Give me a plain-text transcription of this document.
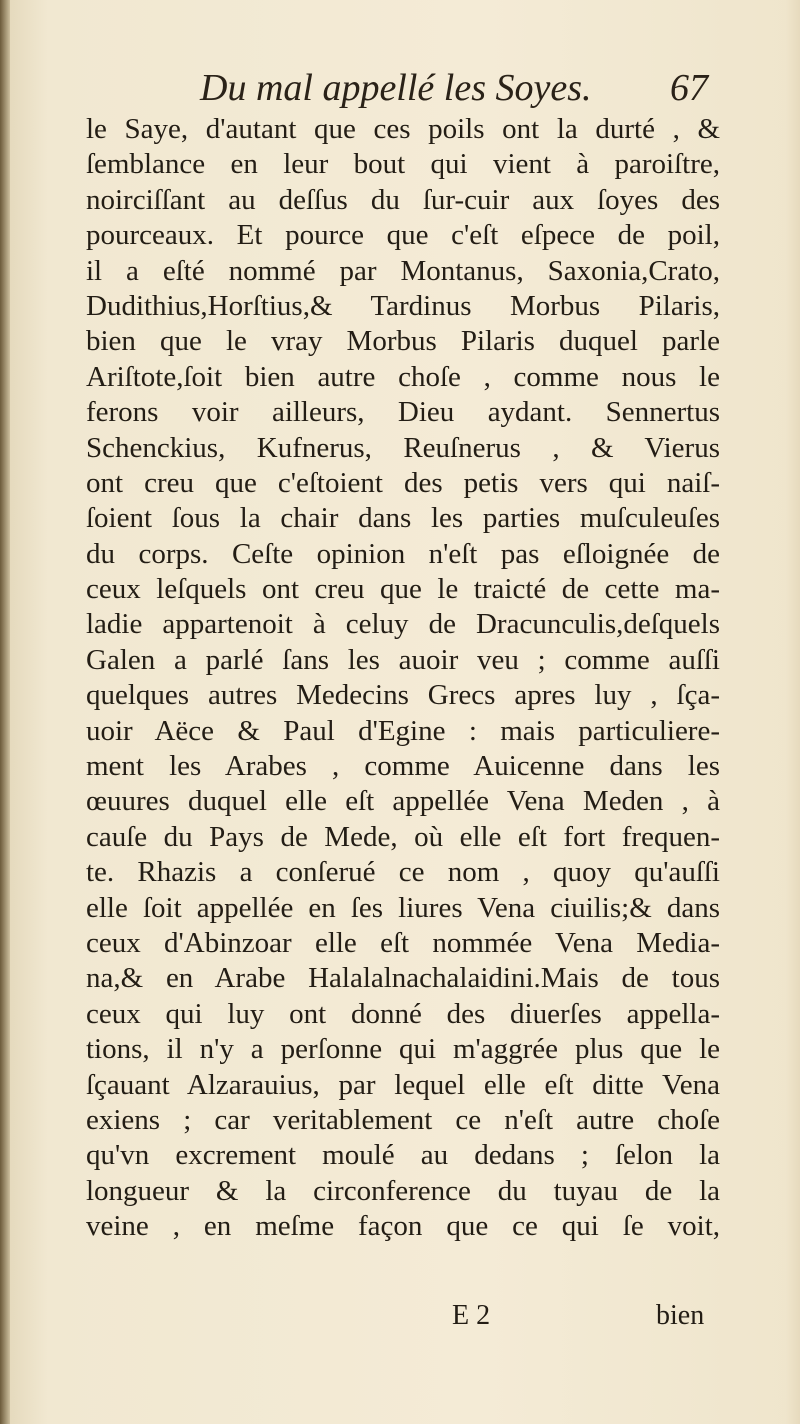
Du mal appellé les Soyes. 67
le Saye, d'autant que ces poils ont la durté , &
ſemblance en leur bout qui vient à paroiſtre,
noirciſſant au deſſus du ſur-cuir aux ſoyes des
pourceaux. Et pource que c'eſt eſpece de poil,
il a eſté nommé par Montanus, Saxonia,Crato,
Dudithius,Horſtius,& Tardinus Morbus Pilaris,
bien que le vray Morbus Pilaris duquel parle
Ariſtote,ſoit bien autre choſe , comme nous le
ferons voir ailleurs, Dieu aydant. Sennertus
Schenckius, Kufnerus, Reuſnerus , & Vierus
ont creu que c'eſtoient des petis vers qui naiſ-
ſoient ſous la chair dans les parties muſculeuſes
du corps. Ceſte opinion n'eſt pas eſloignée de
ceux leſquels ont creu que le traicté de cette ma-
ladie appartenoit à celuy de Dracunculis,deſquels
Galen a parlé ſans les auoir veu ; comme auſſi
quelques autres Medecins Grecs apres luy , ſça-
uoir Aëce & Paul d'Egine : mais particuliere-
ment les Arabes , comme Auicenne dans les
œuures duquel elle eſt appellée Vena Meden , à
cauſe du Pays de Mede, où elle eſt fort frequen-
te. Rhazis a conſerué ce nom , quoy qu'auſſi
elle ſoit appellée en ſes liures Vena ciuilis;& dans
ceux d'Abinzoar elle eſt nommée Vena Media-
na,& en Arabe Halalalnachalaidini.Mais de tous
ceux qui luy ont donné des diuerſes appella-
tions, il n'y a perſonne qui m'aggrée plus que le
ſçauant Alzarauius, par lequel elle eſt ditte Vena
exiens ; car veritablement ce n'eſt autre choſe
qu'vn excrement moulé au dedans ; ſelon la
longueur & la circonference du tuyau de la
veine , en meſme façon que ce qui ſe voit,
E 2	bien
